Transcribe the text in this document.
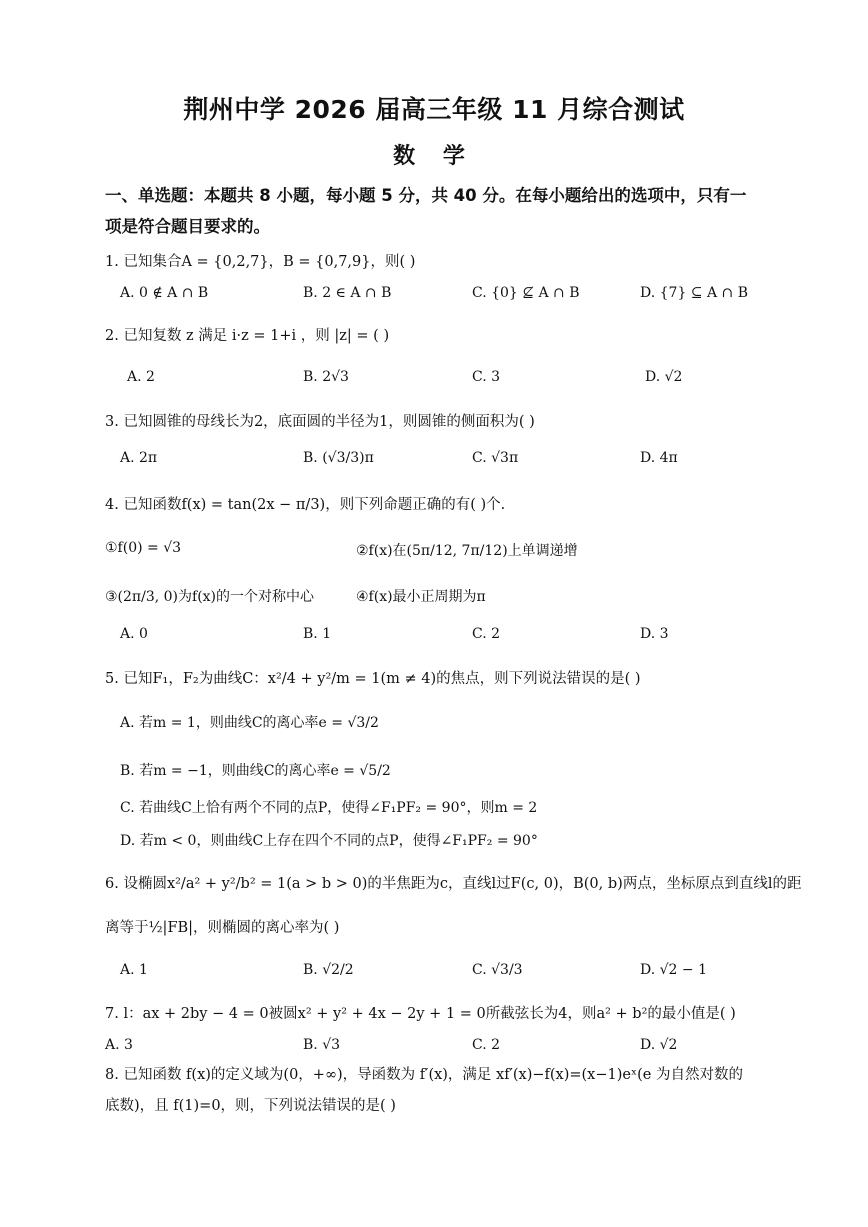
荆州中学 2026 届高三年级 11 月综合测试
数 学
一、单选题：本题共 8 小题，每小题 5 分，共 40 分。在每小题给出的选项中，只有一
项是符合题目要求的。
1. 已知集合A = {0,2,7}，B = {0,7,9}，则( )
A. 0 ∉ A ∩ B	B. 2 ∈ A ∩ B	C. {0} ⊈ A ∩ B	D. {7} ⊆ A ∩ B
2. 已知复数 z 满足 i·z = 1+i ，则 |z| = ( )
A. 2	B. 2√3	C. 3	D. √2
3. 已知圆锥的母线长为2，底面圆的半径为1，则圆锥的侧面积为( )
A. 2π	B. (√3/3)π	C. √3π	D. 4π
4. 已知函数f(x) = tan(2x − π/3)，则下列命题正确的有( )个.
①f(0) = √3	②f(x)在(5π/12, 7π/12)上单调递增
③(2π/3, 0)为f(x)的一个对称中心	④f(x)最小正周期为π
A. 0	B. 1	C. 2	D. 3
5. 已知F₁，F₂为曲线C：x²/4 + y²/m = 1(m ≠ 4)的焦点，则下列说法错误的是( )
A. 若m = 1，则曲线C的离心率e = √3/2
B. 若m = −1，则曲线C的离心率e = √5/2
C. 若曲线C上恰有两个不同的点P，使得∠F₁PF₂ = 90°，则m = 2
D. 若m < 0，则曲线C上存在四个不同的点P，使得∠F₁PF₂ = 90°
6. 设椭圆x²/a² + y²/b² = 1(a > b > 0)的半焦距为c，直线l过F(c, 0)，B(0, b)两点，坐标原点到直线l的距
离等于½|FB|，则椭圆的离心率为( )
A. 1	B. √2/2	C. √3/3	D. √2 − 1
7. l：ax + 2by − 4 = 0被圆x² + y² + 4x − 2y + 1 = 0所截弦长为4，则a² + b²的最小值是( )
A. 3	B. √3	C. 2	D. √2
8. 已知函数 f(x)的定义域为(0，+∞)，导函数为 f′(x)，满足 xf′(x)−f(x)=(x−1)eˣ(e 为自然对数的
底数)，且 f(1)=0，则，下列说法错误的是( )
